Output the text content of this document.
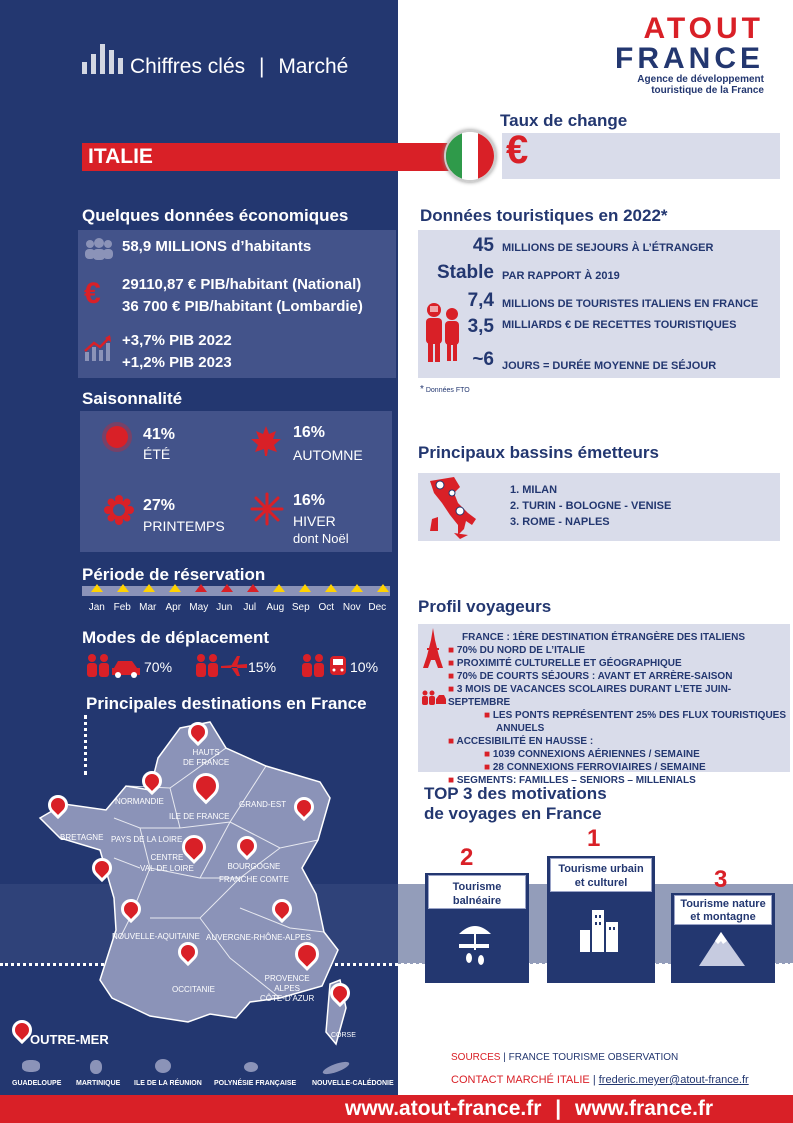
Chiffres clés | Marché
ATOUT
FRANCE
Agence de développement
touristique de la France
ITALIE
Taux de change
€
Quelques données économiques
58,9 MILLIONS d’habitants
€ 29110,87 € PIB/habitant (National)
36 700 € PIB/habitant (Lombardie)
+3,7% PIB 2022
+1,2% PIB 2023
Saisonnalité
41%
ÉTÉ
16%
AUTOMNE
27%
PRINTEMPS
16%
HIVER
dont Noël
Période de réservation
Jan Feb Mar Apr May Jun	Jul	Aug Sep Oct Nov Dec
Modes de déplacement
70%	15%	10%
Principales destinations en France
HAUTS
DE FRANCE
NORMANDIE
ILE DE FRANCE
GRAND-EST
BRETAGNE PAYS DE LA LOIRE
CENTRE
VAL DE LOIRE	BOURGOGNE
FRANCHE COMTE
NOUVELLE-AQUITAINE AUVERGNE-RHÔNE-ALPES
OCCITANIE
PROVENCE
ALPES
CÔTE-D’AZUR
CORSE
OUTRE-MER
GUADELOUPE MARTINIQUE ILE DE LA RÉUNION POLYNÉSIE FRANÇAISE NOUVELLE-CALÉDONIE
Données touristiques en 2022*
45 MILLIONS DE SEJOURS À L’ÉTRANGER
Stable PAR RAPPORT À 2019
7,4 MILLIONS DE TOURISTES ITALIENS EN FRANCE
3,5 MILLIARDS € DE RECETTES TOURISTIQUES
~6 JOURS = DURÉE MOYENNE DE SÉJOUR
* Données FTO
Principaux bassins émetteurs
1. MILAN
2. TURIN - BOLOGNE - VENISE
3. ROME - NAPLES
Profil voyageurs
FRANCE : 1ÈRE DESTINATION ÉTRANGÈRE DES ITALIENS
■ 70% DU NORD DE L’ITALIE
■ PROXIMITÉ CULTURELLE ET GÉOGRAPHIQUE
■ 70% DE COURTS SÉJOURS : AVANT ET ARRÈRE-SAISON
■ 3 MOIS DE VACANCES SCOLAIRES DURANT L’ETE JUIN-SEPTEMBRE
■ LES PONTS REPRÉSENTENT 25% DES FLUX TOURISTIQUES ANNUELS
■ ACCESIBILITÉ EN HAUSSE :
■ 1039 CONNEXIONS AÉRIENNES / SEMAINE
■ 28 CONNEXIONS FERROVIAIRES / SEMAINE
■ SEGMENTS: FAMILLES – SENIORS – MILLENIALS
TOP 3 des motivations
de voyages en France
2
Tourisme
balnéaire
1
Tourisme urbain
et culturel	3
Tourisme nature
et montagne
SOURCES | FRANCE TOURISME OBSERVATION
CONTACT MARCHÉ ITALIE | frederic.meyer@atout-france.fr
www.atout-france.fr | www.france.fr
